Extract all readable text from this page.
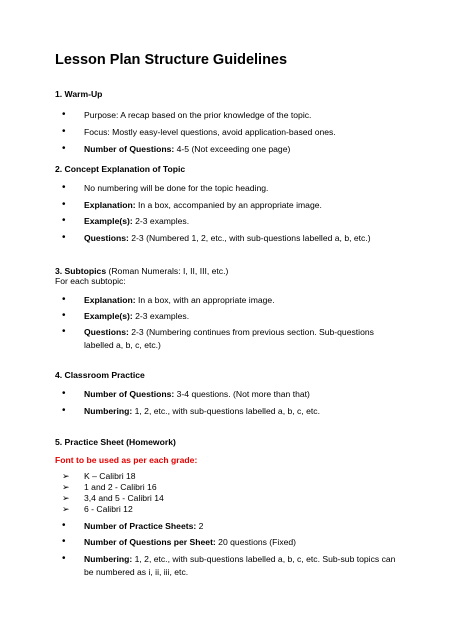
Lesson Plan Structure Guidelines
1. Warm-Up
• Purpose: A recap based on the prior knowledge of the topic.
• Focus: Mostly easy-level questions, avoid application-based ones.
• Number of Questions: 4-5 (Not exceeding one page)
2. Concept Explanation of Topic
• No numbering will be done for the topic heading.
• Explanation: In a box, accompanied by an appropriate image.
• Example(s): 2-3 examples.
• Questions: 2-3 (Numbered 1, 2, etc., with sub-questions labelled a, b, etc.)
3. Subtopics (Roman Numerals: I, II, III, etc.)
For each subtopic:
• Explanation: In a box, with an appropriate image.
• Example(s): 2-3 examples.
• Questions: 2-3 (Numbering continues from previous section. Sub-questions labelled a, b, c, etc.)
4. Classroom Practice
• Number of Questions: 3-4 questions. (Not more than that)
• Numbering: 1, 2, etc., with sub-questions labelled a, b, c, etc.
5. Practice Sheet (Homework)
Font to be used as per each grade:
➢ K – Calibri 18
➢ 1 and 2 - Calibri 16
➢ 3,4 and 5 - Calibri 14
➢ 6 - Calibri 12
• Number of Practice Sheets: 2
• Number of Questions per Sheet: 20 questions (Fixed)
• Numbering: 1, 2, etc., with sub-questions labelled a, b, c, etc. Sub-sub topics can be numbered as i, ii, iii, etc.
